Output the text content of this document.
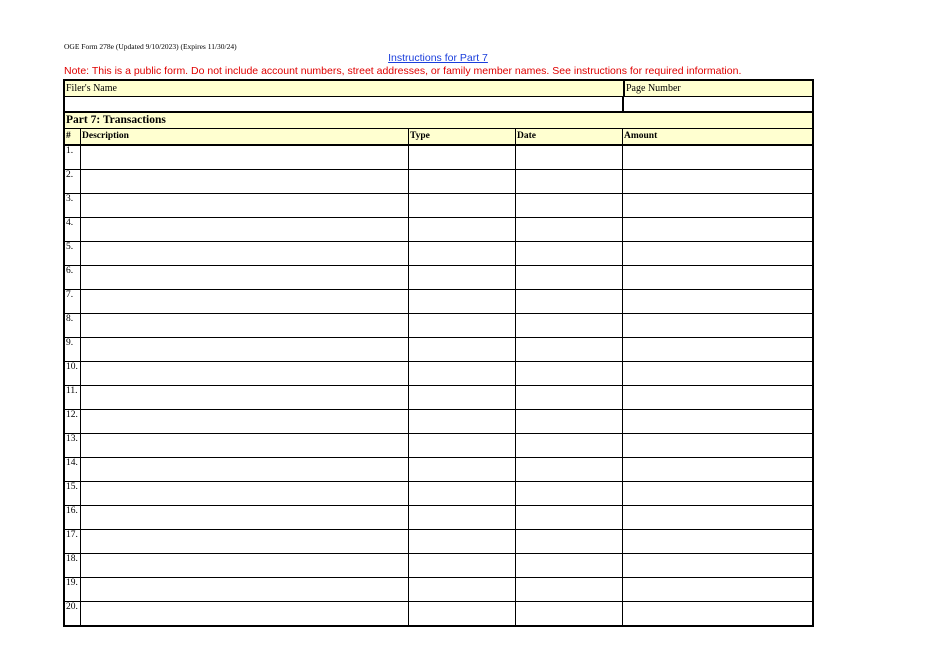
OGE Form 278e (Updated 9/10/2023) (Expires 11/30/24)
Instructions for Part 7
Note: This is a public form. Do not include account numbers, street addresses, or family member names. See instructions for required information.
Filer's Name	Page Number
Part 7: Transactions
#	Description	Type	Date	Amount
1.
2.
3.
4.
5.
6.
7.
8.
9.
10.
11.
12.
13.
14.
15.
16.
17.
18.
19.
20.
